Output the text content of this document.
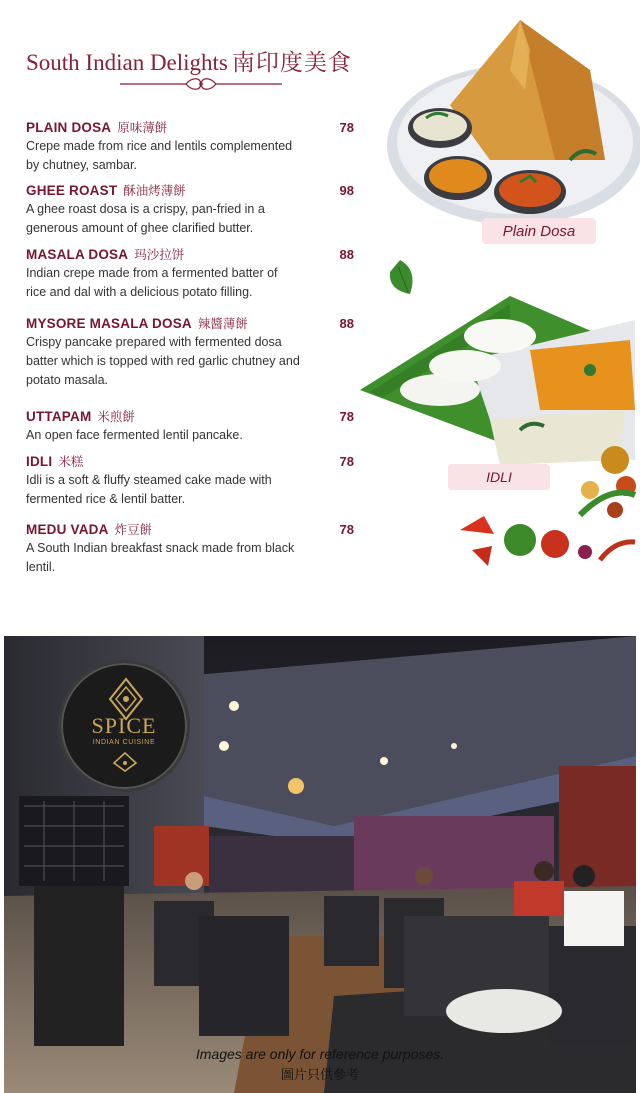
South Indian Delights 南印度美食
PLAIN DOSA 原味薄餅	78
Crepe made from rice and lentils complemented by chutney, sambar.
GHEE ROAST 酥油烤薄餅	98
A ghee roast dosa is a crispy, pan-fried in a generous amount of ghee clarified butter.
MASALA DOSA 玛沙拉饼	88
Indian crepe made from a fermented batter of rice and dal with a delicious potato filling.
MYSORE MASALA DOSA 辣醬薄餅	88
Crispy pancake prepared with fermented dosa batter which is topped with red garlic chutney and potato masala.
UTTAPAM 米煎餅	78
An open face fermented lentil pancake.
IDLI 米糕	78
Idli is a soft & fluffy steamed cake made with fermented rice & lentil batter.
MEDU VADA 炸豆餅	78
A South Indian breakfast snack made from black lentil.
Plain Dosa
IDLI
SPICE
INDIAN CUISINE
Images are only for reference purposes.
圖片只供參考
